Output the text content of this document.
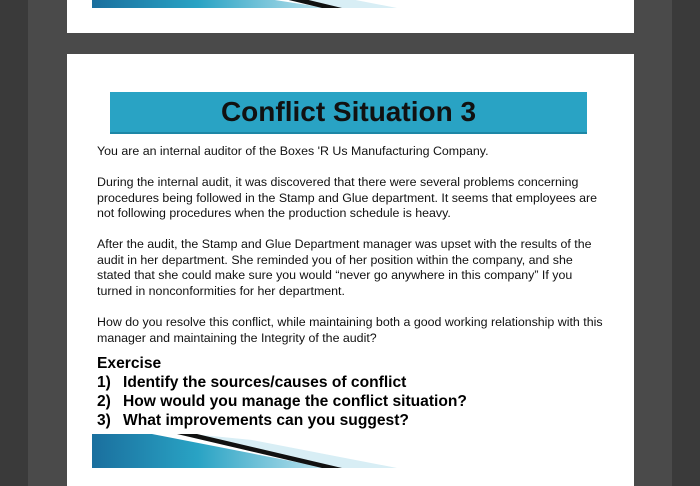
Conflict Situation 3

You are an internal auditor of the Boxes 'R Us Manufacturing Company.

During the internal audit, it was discovered that there were several problems concerning procedures being followed in the Stamp and Glue department. It seems that employees are not following procedures when the production schedule is heavy.

After the audit, the Stamp and Glue Department manager was upset with the results of the audit in her department. She reminded you of her position within the company, and she stated that she could make sure you would “never go anywhere in this company” If you turned in nonconformities for her department.

How do you resolve this conflict, while maintaining both a good working relationship with this manager and maintaining the Integrity of the audit?

Exercise

1) Identify the sources/causes of conflict
2) How would you manage the conflict situation?
3) What improvements can you suggest?
